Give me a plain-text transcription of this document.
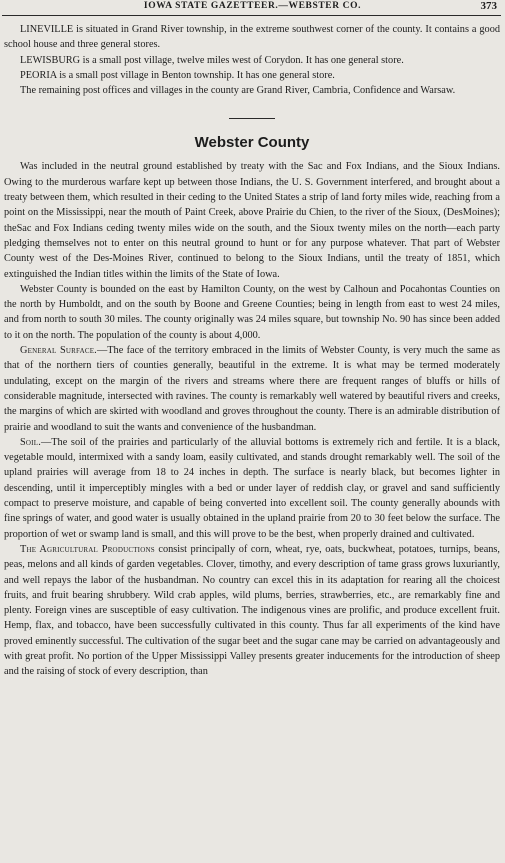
IOWA STATE GAZETTEER.—WEBSTER CO.	373

LINEVILLE is situated in Grand River township, in the extreme southwest corner of the county. It contains a good school house and three general stores.

LEWISBURG is a small post village, twelve miles west of Corydon. It has one general store.

PEORIA is a small post village in Benton township. It has one general store.

The remaining post offices and villages in the county are Grand River, Cambria, Confidence and Warsaw.

Webster County

Was included in the neutral ground established by treaty with the Sac and Fox Indians, and the Sioux Indians. Owing to the murderous warfare kept up between those Indians, the U. S. Government interfered, and brought about a treaty between them, which resulted in their ceding to the United States a strip of land forty miles wide, reaching from a point on the Mississippi, near the mouth of Paint Creek, above Prairie du Chien, to the river of the Sioux, (DesMoines); theSac and Fox Indians ceding twenty miles wide on the south, and the Sioux twenty miles on the north—each party pledging themselves not to enter on this neutral ground to hunt or for any purpose whatever. That part of Webster County west of the Des-Moines River, continued to belong to the Sioux Indians, until the treaty of 1851, which extinguished the Indian titles within the limits of the State of Iowa.

Webster County is bounded on the east by Hamilton County, on the west by Calhoun and Pocahontas Counties on the north by Humboldt, and on the south by Boone and Greene Counties; being in length from east to west 24 miles, and from north to south 30 miles. The county originally was 24 miles square, but township No. 90 has since been added to it on the north. The population of the county is about 4,000.

General Surface.—The face of the territory embraced in the limits of Webster County, is very much the same as that of the northern tiers of counties generally, beautiful in the extreme. It is what may be termed moderately undulating, except on the margin of the rivers and streams where there are frequent ranges of bluffs or hills of considerable magnitude, intersected with ravines. The county is remarkably well watered by beautiful rivers and creeks, the margins of which are skirted with woodland and groves throughout the county. There is an admirable distribution of prairie and woodland to suit the wants and convenience of the husbandman.

Soil.—The soil of the prairies and particularly of the alluvial bottoms is extremely rich and fertile. It is a black, vegetable mould, intermixed with a sandy loam, easily cultivated, and stands drought remarkably well. The soil of the upland prairies will average from 18 to 24 inches in depth. The surface is nearly black, but becomes lighter in descending, until it imperceptibly mingles with a bed or under layer of reddish clay, or gravel and sand sufficiently compact to preserve moisture, and capable of being converted into excellent soil. The county generally abounds with fine springs of water, and good water is usually obtained in the upland prairie from 20 to 30 feet below the surface. The proportion of wet or swamp land is small, and this will prove to be the best, when properly drained and cultivated.

The Agricultural Productions consist principally of corn, wheat, rye, oats, buckwheat, potatoes, turnips, beans, peas, melons and all kinds of garden vegetables. Clover, timothy, and every description of tame grass grows luxuriantly, and well repays the labor of the husbandman. No country can excel this in its adaptation for rearing all the choicest fruits, and fruit bearing shrubbery. Wild crab apples, wild plums, berries, strawberries, etc., are remarkably fine and plenty. Foreign vines are susceptible of easy cultivation. The indigenous vines are prolific, and produce excellent fruit. Hemp, flax, and tobacco, have been successfully cultivated in this county. Thus far all experiments of the kind have proved eminently successful. The cultivation of the sugar beet and the sugar cane may be carried on advantageously and with great profit. No portion of the Upper Mississippi Valley presents greater inducements for the introduction of sheep and the raising of stock of every description, than
